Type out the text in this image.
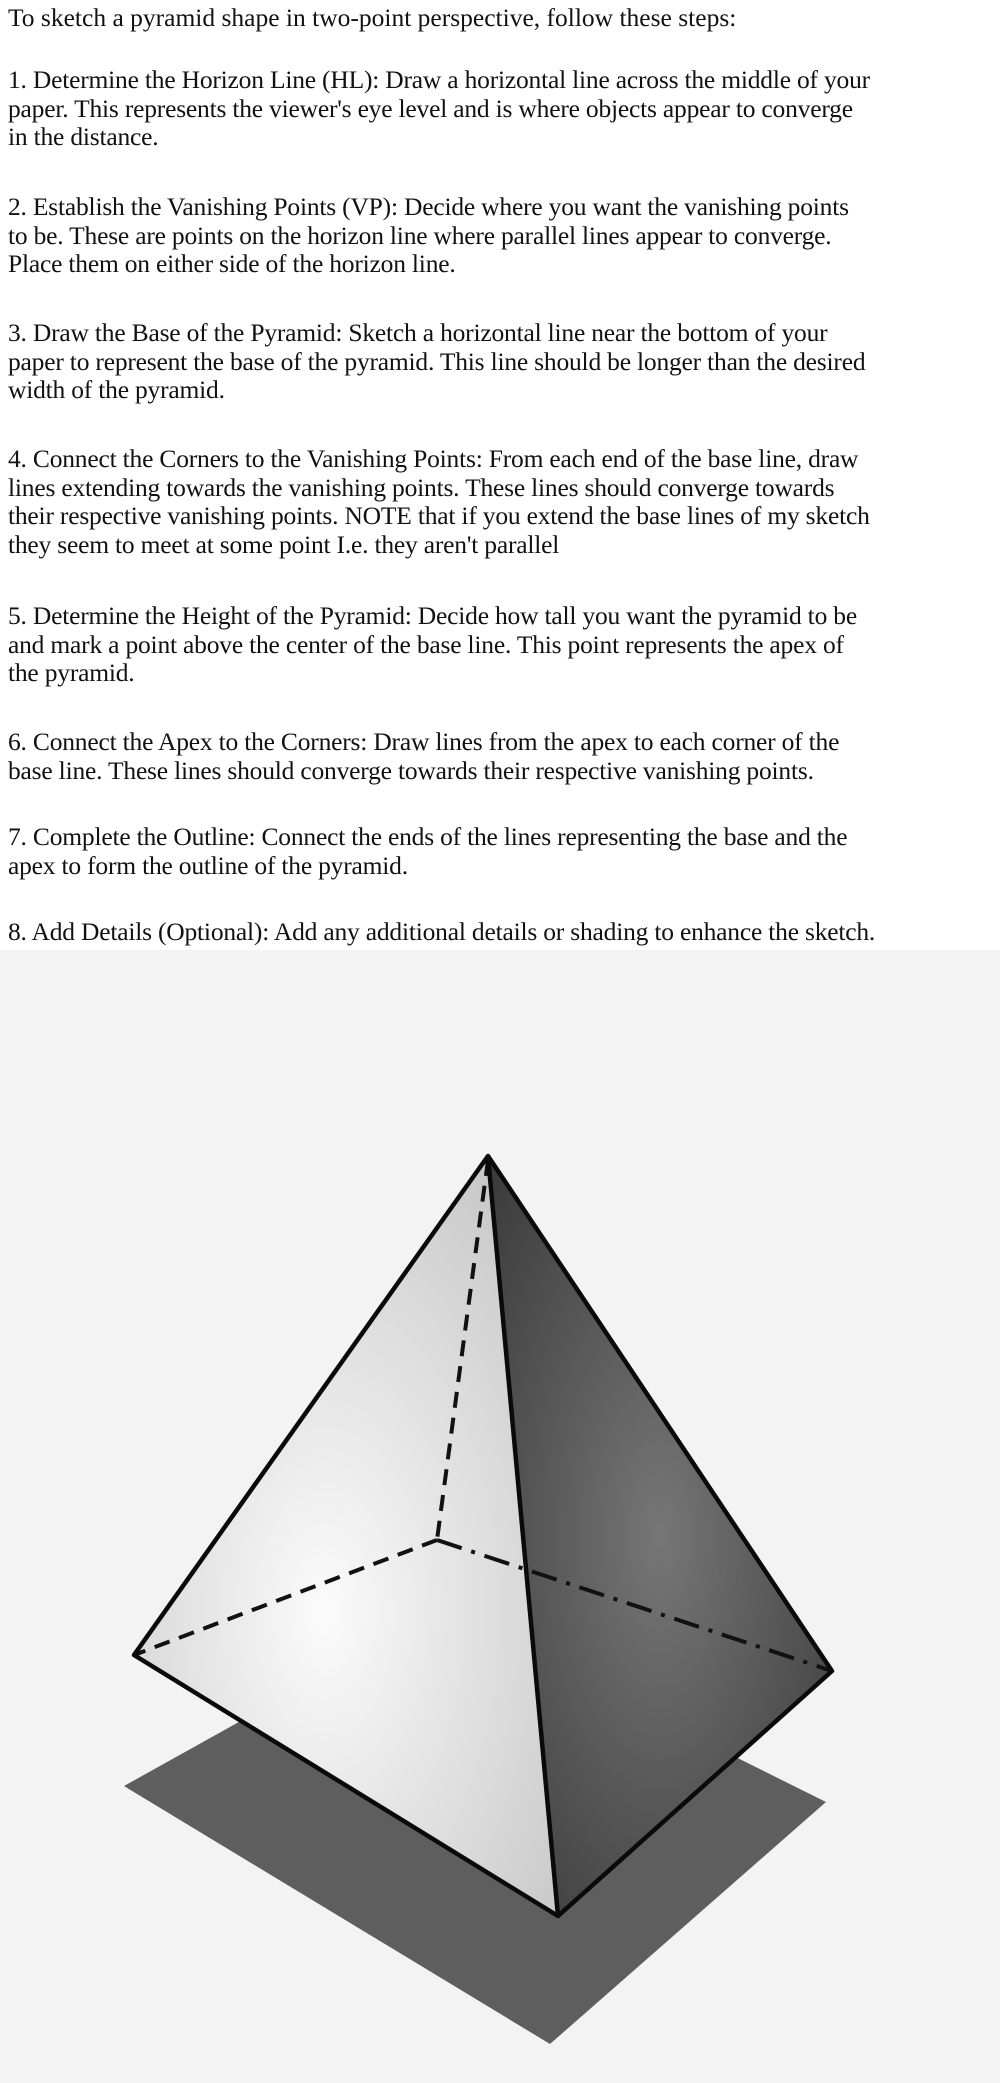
To sketch a pyramid shape in two-point perspective, follow these steps:
1. Determine the Horizon Line (HL): Draw a horizontal line across the middle of your
paper. This represents the viewer's eye level and is where objects appear to converge
in the distance.
2. Establish the Vanishing Points (VP): Decide where you want the vanishing points
to be. These are points on the horizon line where parallel lines appear to converge.
Place them on either side of the horizon line.
3. Draw the Base of the Pyramid: Sketch a horizontal line near the bottom of your
paper to represent the base of the pyramid. This line should be longer than the desired
width of the pyramid.
4. Connect the Corners to the Vanishing Points: From each end of the base line, draw
lines extending towards the vanishing points. These lines should converge towards
their respective vanishing points. NOTE that if you extend the base lines of my sketch
they seem to meet at some point I.e. they aren't parallel
5. Determine the Height of the Pyramid: Decide how tall you want the pyramid to be
and mark a point above the center of the base line. This point represents the apex of
the pyramid.
6. Connect the Apex to the Corners: Draw lines from the apex to each corner of the
base line. These lines should converge towards their respective vanishing points.
7. Complete the Outline: Connect the ends of the lines representing the base and the
apex to form the outline of the pyramid.
8. Add Details (Optional): Add any additional details or shading to enhance the sketch.
